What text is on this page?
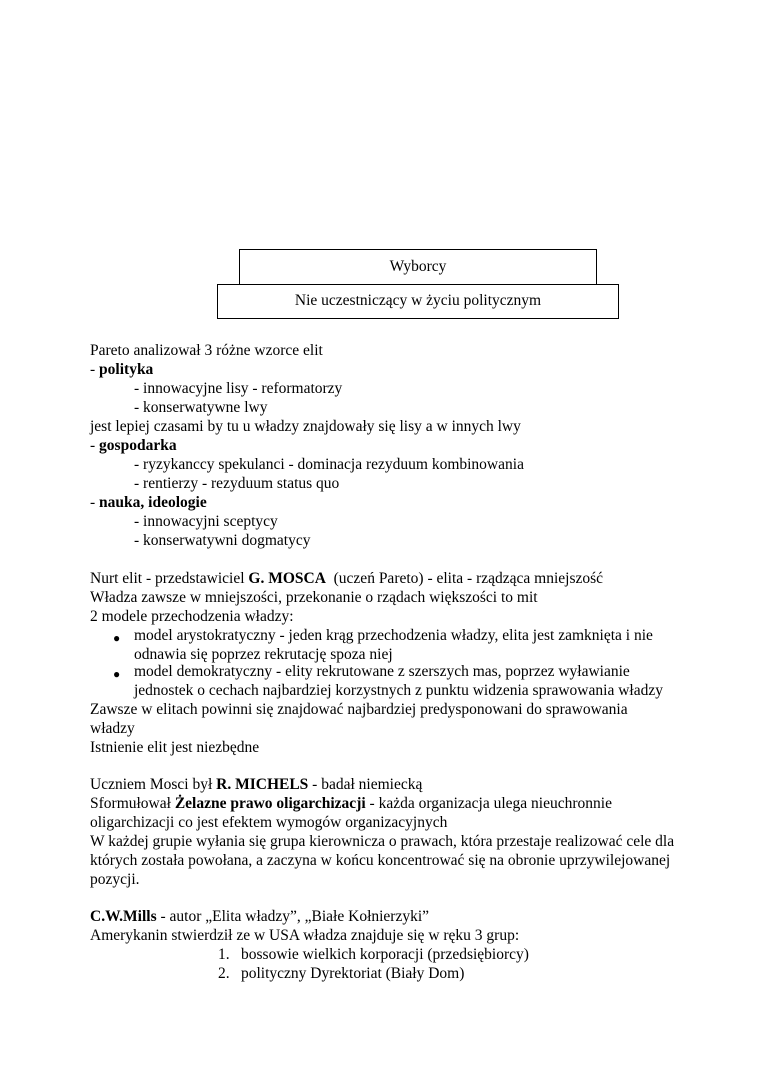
Wyborcy
Nie uczestniczący w życiu politycznym
Pareto analizował 3 różne wzorce elit
- polityka
- innowacyjne lisy - reformatorzy
- konserwatywne lwy
jest lepiej czasami by tu u władzy znajdowały się lisy a w innych lwy
- gospodarka
- ryzykanccy spekulanci - dominacja rezyduum kombinowania
- rentierzy - rezyduum status quo
- nauka, ideologie
- innowacyjni sceptycy
- konserwatywni dogmatycy
Nurt elit - przedstawiciel G. MOSCA  (uczeń Pareto) - elita - rządząca mniejszość
Władza zawsze w mniejszości, przekonanie o rządach większości to mit
2 modele przechodzenia władzy:
● model arystokratyczny - jeden krąg przechodzenia władzy, elita jest zamknięta i nie
odnawia się poprzez rekrutację spoza niej
● model demokratyczny - elity rekrutowane z szerszych mas, poprzez wyławianie
jednostek o cechach najbardziej korzystnych z punktu widzenia sprawowania władzy
Zawsze w elitach powinni się znajdować najbardziej predysponowani do sprawowania
władzy
Istnienie elit jest niezbędne
Uczniem Mosci był R. MICHELS - badał niemiecką
Sformułował Żelazne prawo oligarchizacji - każda organizacja ulega nieuchronnie
oligarchizacji co jest efektem wymogów organizacyjnych
W każdej grupie wyłania się grupa kierownicza o prawach, która przestaje realizować cele dla
których została powołana, a zaczyna w końcu koncentrować się na obronie uprzywilejowanej
pozycji.
C.W.Mills - autor „Elita władzy”, „Białe Kołnierzyki”
Amerykanin stwierdził ze w USA władza znajduje się w ręku 3 grup:
1. bossowie wielkich korporacji (przedsiębiorcy)
2. polityczny Dyrektoriat (Biały Dom)
